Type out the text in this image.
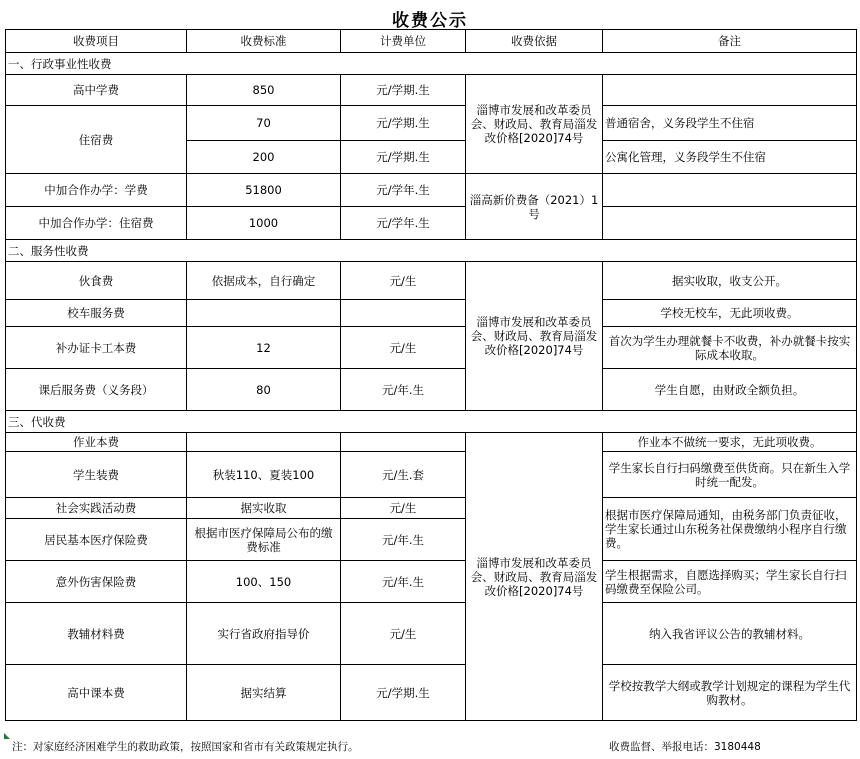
收费公示
收费项目	收费标准	计费单位	收费依据	备注
一、行政事业性收费				
高中学费	850	元/学期.生	淄博市发展和改革委员会、财政局、教育局淄发改价格[2020]74号	
住宿费	70	元/学期.生		普通宿舍，义务段学生不住宿
	200	元/学期.生		公寓化管理，义务段学生不住宿
中加合作办学：学费	51800	元/学年.生	淄高新价费备（2021）1号	
中加合作办学：住宿费	1000	元/学年.生		
二、服务性收费				
伙食费	依据成本，自行确定	元/生	淄博市发展和改革委员会、财政局、教育局淄发改价格[2020]74号	据实收取，收支公开。
校车服务费				学校无校车，无此项收费。
补办证卡工本费	12	元/生		首次为学生办理就餐卡不收费，补办就餐卡按实际成本收取。
课后服务费（义务段）	80	元/年.生		学生自愿，由财政全额负担。
三、代收费				
作业本费			淄博市发展和改革委员会、财政局、教育局淄发改价格[2020]74号	作业本不做统一要求，无此项收费。
学生装费	秋装110、夏装100	元/生.套		学生家长自行扫码缴费至供货商。只在新生入学时统一配发。
社会实践活动费	据实收取	元/生		根据市医疗保障局通知，由税务部门负责征收，学生家长通过山东税务社保费缴纳小程序自行缴费。
居民基本医疗保险费	根据市医疗保障局公布的缴费标准	元/年.生		
意外伤害保险费	100、150	元/年.生		学生根据需求，自愿选择购买；学生家长自行扫码缴费至保险公司。
教辅材料费	实行省政府指导价	元/生		纳入我省评议公告的教辅材料。
高中课本费	据实结算	元/学期.生		学校按教学大纲或教学计划规定的课程为学生代购教材。
注：对家庭经济困难学生的救助政策，按照国家和省市有关政策规定执行。	收费监督、举报电话：3180448
